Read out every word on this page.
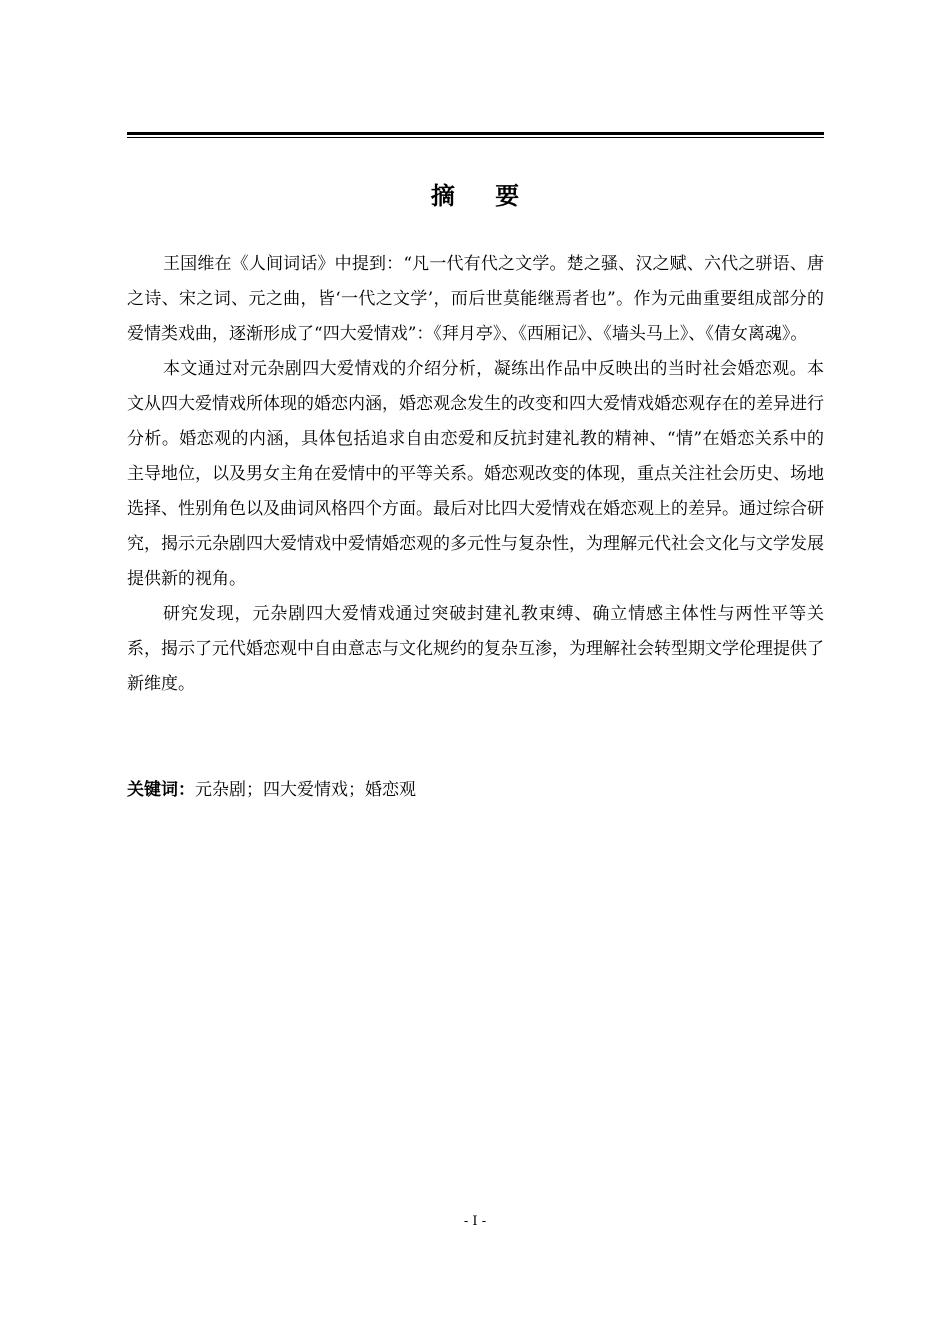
摘 要

王国维在《人间词话》中提到：“凡一代有代之文学。楚之骚、汉之赋、六代之骈语、唐之诗、宋之词、元之曲，皆‘一代之文学’，而后世莫能继焉者也”。作为元曲重要组成部分的爱情类戏曲，逐渐形成了“四大爱情戏”：《拜月亭》、《西厢记》、《墙头马上》、《倩女离魂》。

本文通过对元杂剧四大爱情戏的介绍分析，凝练出作品中反映出的当时社会婚恋观。本文从四大爱情戏所体现的婚恋内涵，婚恋观念发生的改变和四大爱情戏婚恋观存在的差异进行分析。婚恋观的内涵，具体包括追求自由恋爱和反抗封建礼教的精神、“情”在婚恋关系中的主导地位，以及男女主角在爱情中的平等关系。婚恋观改变的体现，重点关注社会历史、场地选择、性别角色以及曲词风格四个方面。最后对比四大爱情戏在婚恋观上的差异。通过综合研究，揭示元杂剧四大爱情戏中爱情婚恋观的多元性与复杂性，为理解元代社会文化与文学发展提供新的视角。

研究发现，元杂剧四大爱情戏通过突破封建礼教束缚、确立情感主体性与两性平等关系，揭示了元代婚恋观中自由意志与文化规约的复杂互渗，为理解社会转型期文学伦理提供了新维度。

关键词：元杂剧；四大爱情戏；婚恋观
- I -
